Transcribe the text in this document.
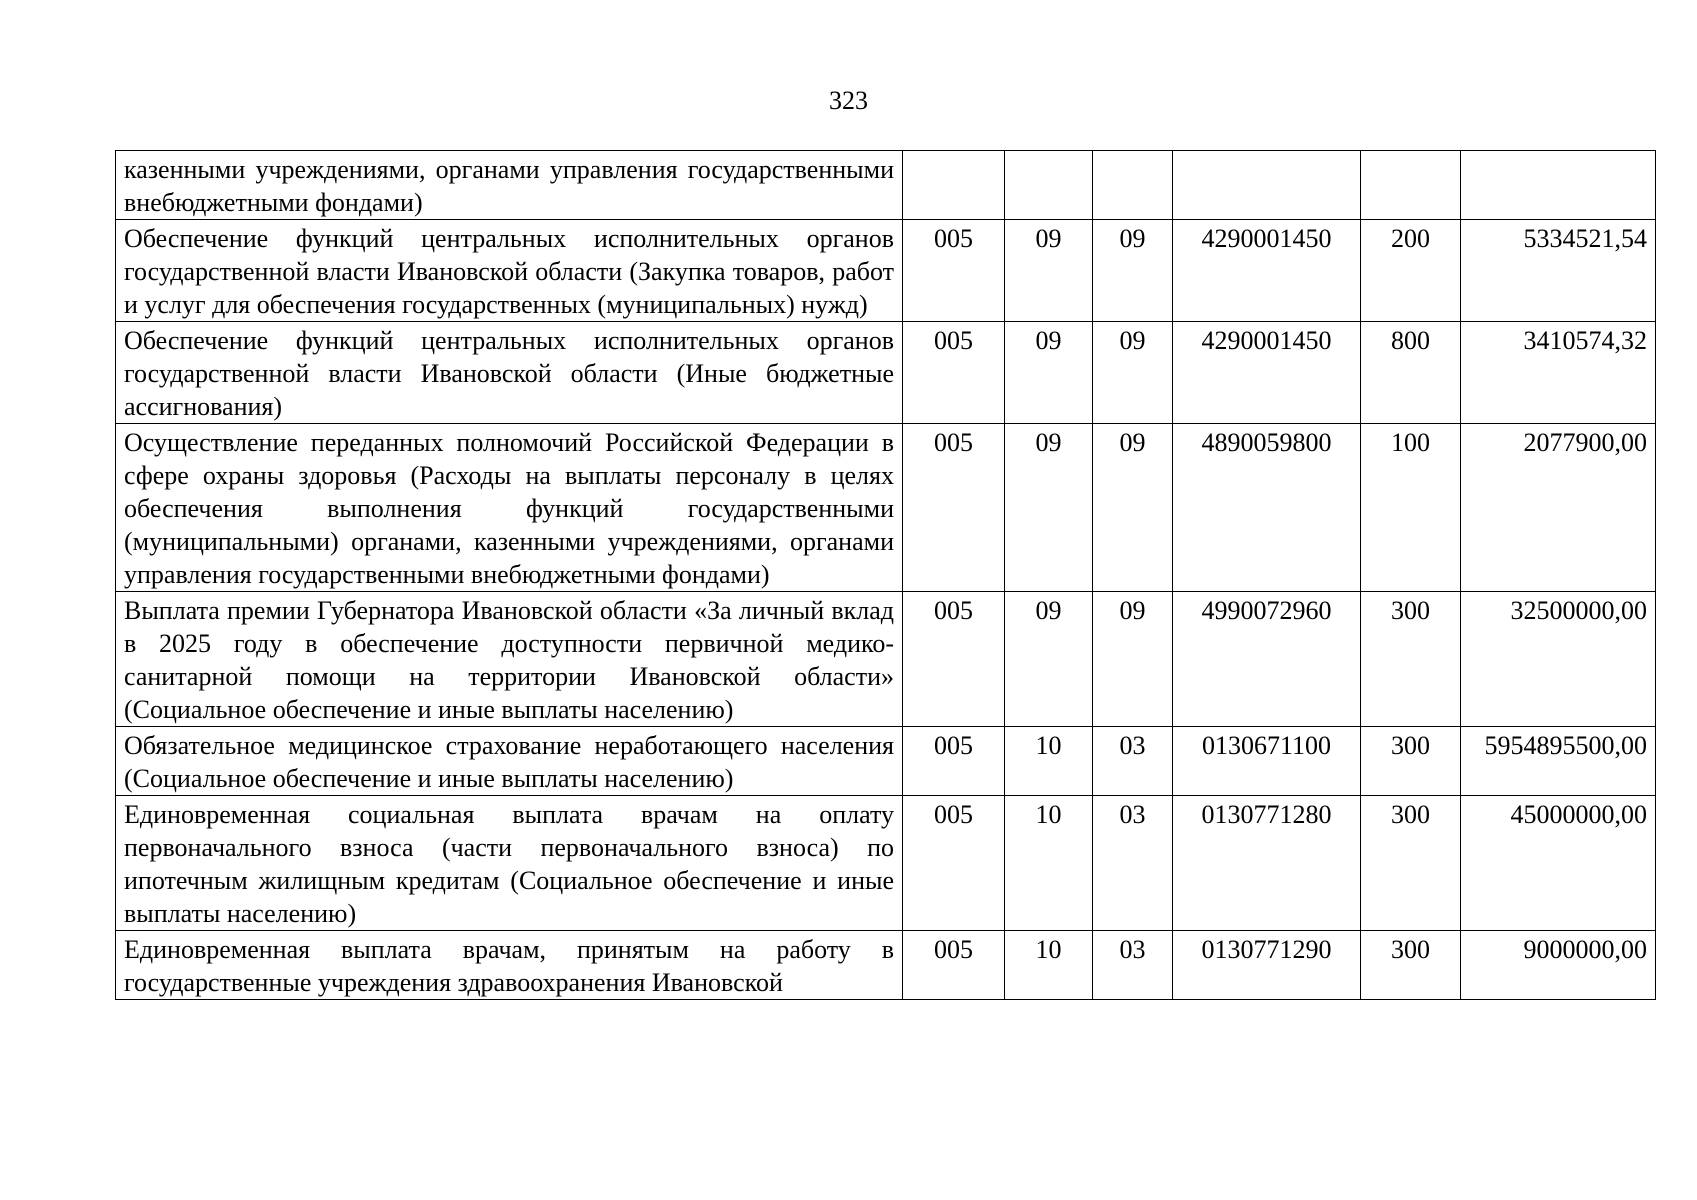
323
казенными учреждениями, органами управления государственными внебюджетными фондами)						
Обеспечение функций центральных исполнительных органов государственной власти Ивановской области (Закупка товаров, работ и услуг для обеспечения государственных (муниципальных) нужд)	005	09	09	4290001450	200	5334521,54
Обеспечение функций центральных исполнительных органов государственной власти Ивановской области (Иные бюджетные ассигнования)	005	09	09	4290001450	800	3410574,32
Осуществление переданных полномочий Российской Федерации в сфере охраны здоровья (Расходы на выплаты персоналу в целях обеспечения выполнения функций государственными (муниципальными) органами, казенными учреждениями, органами управления государственными внебюджетными фондами)	005	09	09	4890059800	100	2077900,00
Выплата премии Губернатора Ивановской области «За личный вклад в 2025 году в обеспечение доступности первичной медико-санитарной помощи на территории Ивановской области» (Социальное обеспечение и иные выплаты населению)	005	09	09	4990072960	300	32500000,00
Обязательное медицинское страхование неработающего населения (Социальное обеспечение и иные выплаты населению)	005	10	03	0130671100	300	5954895500,00
Единовременная социальная выплата врачам на оплату первоначального взноса (части первоначального взноса) по ипотечным жилищным кредитам (Социальное обеспечение и иные выплаты населению)	005	10	03	0130771280	300	45000000,00
Единовременная выплата врачам, принятым на работу в государственные учреждения здравоохранения Ивановской	005	10	03	0130771290	300	9000000,00
